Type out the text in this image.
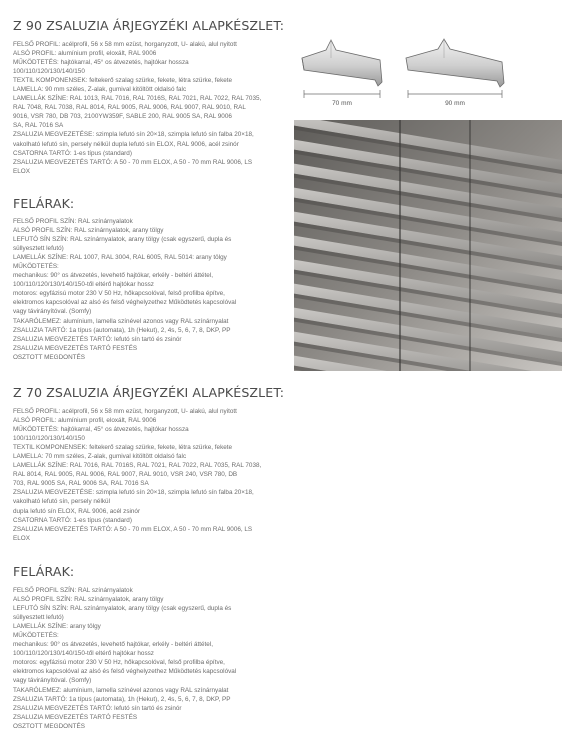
Z 90 ZSALUZIA ÁRJEGYZÉKI ALAPKÉSZLET:
FELSŐ PROFIL: acélprofil, 56 x 58 mm ezüst, horganyzott, U- alakú, alul nyitott
ALSÓ PROFIL: alumínium profil, eloxált, RAL 9006
MŰKÖDTETÉS: hajtókarral, 45° os átvezetés, hajtókar hossza
100/110/120/130/140/150
TEXTIL KOMPONENSEK: feltekerő szalag szürke, fekete, létra szürke, fekete
LAMELLA: 90 mm széles, Z-alak, gumival kitöltött oldalsó falc
LAMELLÁK SZÍNE: RAL 1013, RAL 7016, RAL 7016S, RAL 7021, RAL 7022, RAL 7035,
RAL 7048, RAL 7038, RAL 8014, RAL 9005, RAL 9006, RAL 9007, RAL 9010, RAL
9016, VSR 780, DB 703, 2100YW359F, SABLE 200, RAL 9005 SA, RAL 9006
SA, RAL 7016 SA
ZSALUZIA MEGVEZETÉSE: szimpla lefutó sín 20×18, szimpla lefutó sín falba 20×18,
vakolható lefutó sín, persely nélkül dupla lefutó sín ELOX, RAL 9006, acél zsinór
CSATORNA TARTÓ: 1-es típus (standard)
ZSALUZIA MEGVEZETÉS TARTÓ: A 50 - 70 mm ELOX, A 50 - 70 mm RAL 9006, LS
ELOX
FELÁRAK:
FELSŐ PROFIL SZÍN: RAL színárnyalatok
ALSÓ PROFIL SZÍN: RAL színárnyalatok, arany tölgy
LEFUTÓ SÍN SZÍN: RAL színárnyalatok, arany tölgy (csak egyszerű, dupla és
süllyesztett lefutó)
LAMELLÁK SZÍNE: RAL 1007, RAL 3004, RAL 6005, RAL 5014: arany tölgy
MŰKÖDTETÉS:
mechanikus: 90° os átvezetés, levehető hajtókar, erkély - beltéri áttétel,
100/110/120/130/140/150-től eltérő hajtókar hossz
motoros: egyfázisú motor 230 V 50 Hz, hőkapcsolóval, felső profilba építve,
elektromos kapcsolóval az alsó és felső véghelyzethez Működtetés kapcsolóval
vagy távirányítóval. (Somfy)
TAKARÓLEMEZ: alumínium, lamella színével azonos vagy RAL színárnyalat
ZSALUZIA TARTÓ: 1a típus (automata), 1h (Hekut), 2, 4s, 5, 6, 7, 8, DKP, PP
ZSALUZIA MEGVEZETÉS TARTÓ: lefutó sín tartó és zsinór
ZSALUZIA MEGVEZETÉS TARTÓ FESTÉS
OSZTOTT MEGDONTÉS
Z 70 ZSALUZIA ÁRJEGYZÉKI ALAPKÉSZLET:
FELSŐ PROFIL: acélprofil, 56 x 58 mm ezüst, horganyzott, U- alakú, alul nyitott
ALSÓ PROFIL: alumínium profil, eloxált, RAL 9006
MŰKÖDTETÉS: hajtókarral, 45° os átvezetés, hajtókar hossza
100/110/120/130/140/150
TEXTIL KOMPONENSEK: feltekerő szalag szürke, fekete, létra szürke, fekete
LAMELLA: 70 mm széles, Z-alak, gumival kitöltött oldalsó falc
LAMELLÁK SZÍNE: RAL 7016, RAL 7016S, RAL 7021, RAL 7022, RAL 7035, RAL 7038,
RAL 8014, RAL 9005, RAL 9006, RAL 9007, RAL 9010, VSR 240, VSR 780, DB
703, RAL 9005 SA, RAL 9006 SA, RAL 7016 SA
ZSALUZIA MEGVEZETÉSE: szimpla lefutó sín 20×18, szimpla lefutó sín falba 20×18,
vakolható lefutó sín, persely nélkül
dupla lefutó sín ELOX, RAL 9006, acél zsinór
CSATORNA TARTÓ: 1-es típus (standard)
ZSALUZIA MEGVEZETÉS TARTÓ: A 50 - 70 mm ELOX, A 50 - 70 mm RAL 9006, LS
ELOX
FELÁRAK:
FELSŐ PROFIL SZÍN: RAL színárnyalatok
ALSÓ PROFIL SZÍN: RAL színárnyalatok, arany tölgy
LEFUTÓ SÍN SZÍN: RAL színárnyalatok, arany tölgy (csak egyszerű, dupla és
süllyesztett lefutó)
LAMELLÁK SZÍNE: arany tölgy
MŰKÖDTETÉS:
mechanikus: 90° os átvezetés, levehető hajtókar, erkély - beltéri áttétel,
100/110/120/130/140/150-től eltérő hajtókar hossz
motoros: egyfázisú motor 230 V 50 Hz, hőkapcsolóval, felső profilba építve,
elektromos kapcsolóval az alsó és felső véghelyzethez Működtetés kapcsolóval
vagy távirányítóval. (Somfy)
TAKARÓLEMEZ: alumínium, lamella színével azonos vagy RAL színárnyalat
ZSALUZIA TARTÓ: 1a típus (automata), 1h (Hekut), 2, 4s, 5, 6, 7, 8, DKP, PP
ZSALUZIA MEGVEZETÉS TARTÓ: lefutó sín tartó és zsinór
ZSALUZIA MEGVEZETÉS TARTÓ FESTÉS
OSZTOTT MEGDONTÉS
70 mm	90 mm
